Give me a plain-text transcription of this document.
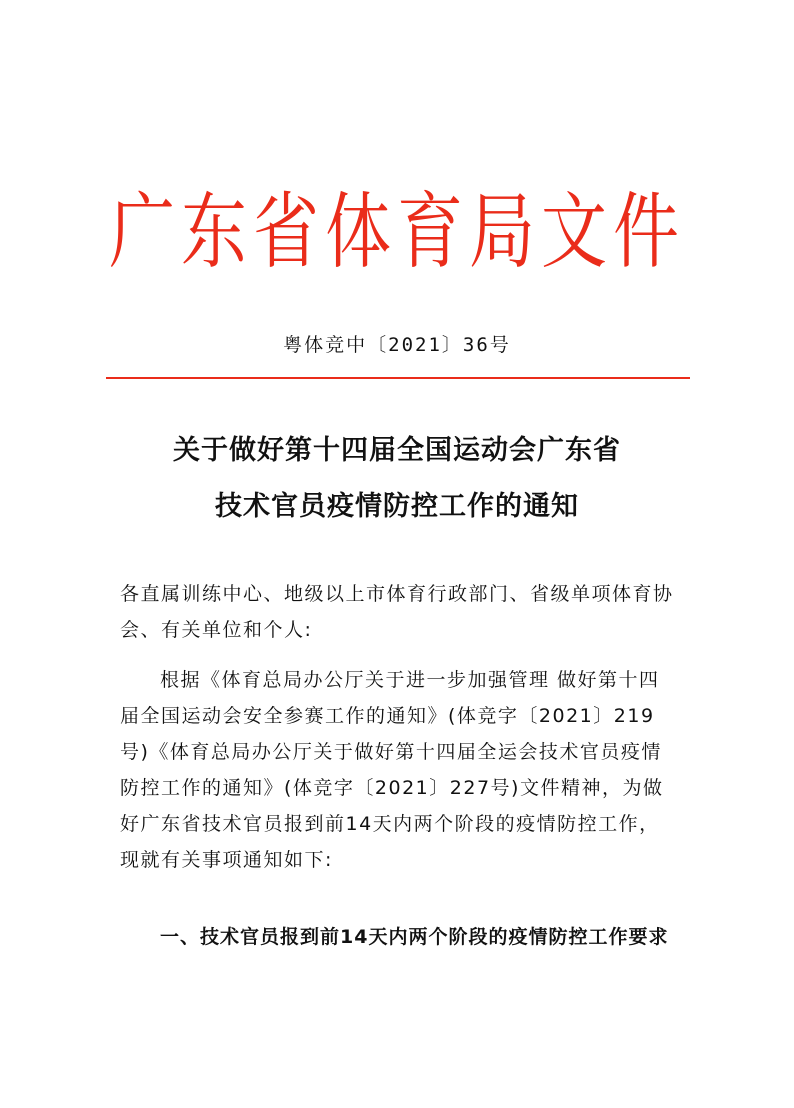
广东省体育局文件
粤体竞中〔2021〕36号
关于做好第十四届全国运动会广东省
技术官员疫情防控工作的通知
各直属训练中心、地级以上市体育行政部门、省级单项体育协会、有关单位和个人:
根据《体育总局办公厅关于进一步加强管理 做好第十四届全国运动会安全参赛工作的通知》(体竞字〔2021〕219号)《体育总局办公厅关于做好第十四届全运会技术官员疫情防控工作的通知》(体竞字〔2021〕227号)文件精神，为做好广东省技术官员报到前14天内两个阶段的疫情防控工作，现就有关事项通知如下:
一、技术官员报到前14天内两个阶段的疫情防控工作要求
